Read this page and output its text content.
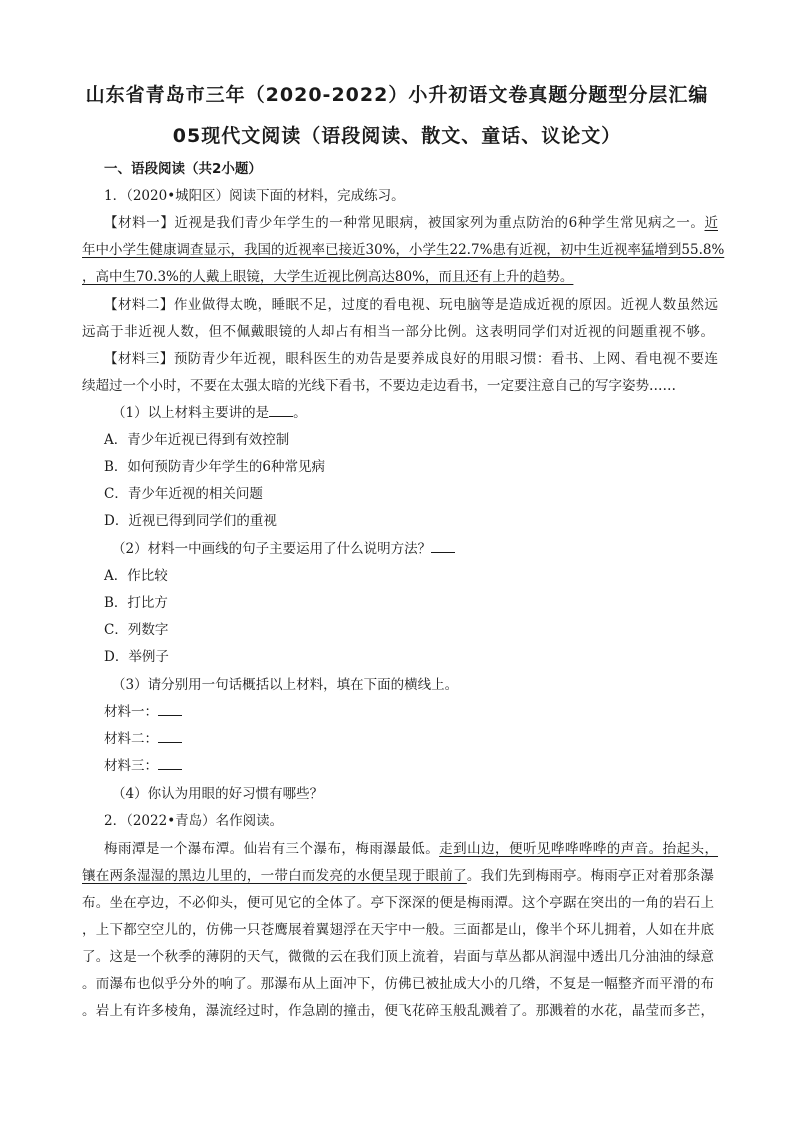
山东省青岛市三年（2020-2022）小升初语文卷真题分题型分层汇编
05现代文阅读（语段阅读、散文、童话、议论文）
一、语段阅读（共2小题）
1．（2020•城阳区）阅读下面的材料，完成练习。
【材料一】近视是我们青少年学生的一种常见眼病，被国家列为重点防治的6种学生常见病之一。近
年中小学生健康调查显示，我国的近视率已接近30%，小学生22.7%患有近视，初中生近视率猛增到55.8%
，高中生70.3%的人戴上眼镜，大学生近视比例高达80%，而且还有上升的趋势。
【材料二】作业做得太晚，睡眠不足，过度的看电视、玩电脑等是造成近视的原因。近视人数虽然远
远高于非近视人数，但不佩戴眼镜的人却占有相当一部分比例。这表明同学们对近视的问题重视不够。
【材料三】预防青少年近视，眼科医生的劝告是要养成良好的用眼习惯：看书、上网、看电视不要连
续超过一个小时，不要在太强太暗的光线下看书，不要边走边看书，一定要注意自己的写字姿势……
（1）以上材料主要讲的是 。
A．青少年近视已得到有效控制
B．如何预防青少年学生的6种常见病
C．青少年近视的相关问题
D．近视已得到同学们的重视
（2）材料一中画线的句子主要运用了什么说明方法？
A．作比较
B．打比方
C．列数字
D．举例子
（3）请分别用一句话概括以上材料，填在下面的横线上。
材料一：
材料二：
材料三：
（4）你认为用眼的好习惯有哪些？
2．（2022•青岛）名作阅读。
梅雨潭是一个瀑布潭。仙岩有三个瀑布，梅雨瀑最低。走到山边，便听见哗哗哗哗的声音。抬起头，
镶在两条湿湿的黑边儿里的，一带白而发亮的水便呈现于眼前了。我们先到梅雨亭。梅雨亭正对着那条瀑
布。坐在亭边，不必仰头，便可见它的全体了。亭下深深的便是梅雨潭。这个亭踞在突出的一角的岩石上
，上下都空空儿的，仿佛一只苍鹰展着翼翅浮在天宇中一般。三面都是山，像半个环儿拥着，人如在井底
了。这是一个秋季的薄阴的天气，微微的云在我们顶上流着，岩面与草丛都从润湿中透出几分油油的绿意
。而瀑布也似乎分外的响了。那瀑布从上面冲下，仿佛已被扯成大小的几绺，不复是一幅整齐而平滑的布
。岩上有许多棱角，瀑流经过时，作急剧的撞击，便飞花碎玉般乱溅着了。那溅着的水花，晶莹而多芒，
